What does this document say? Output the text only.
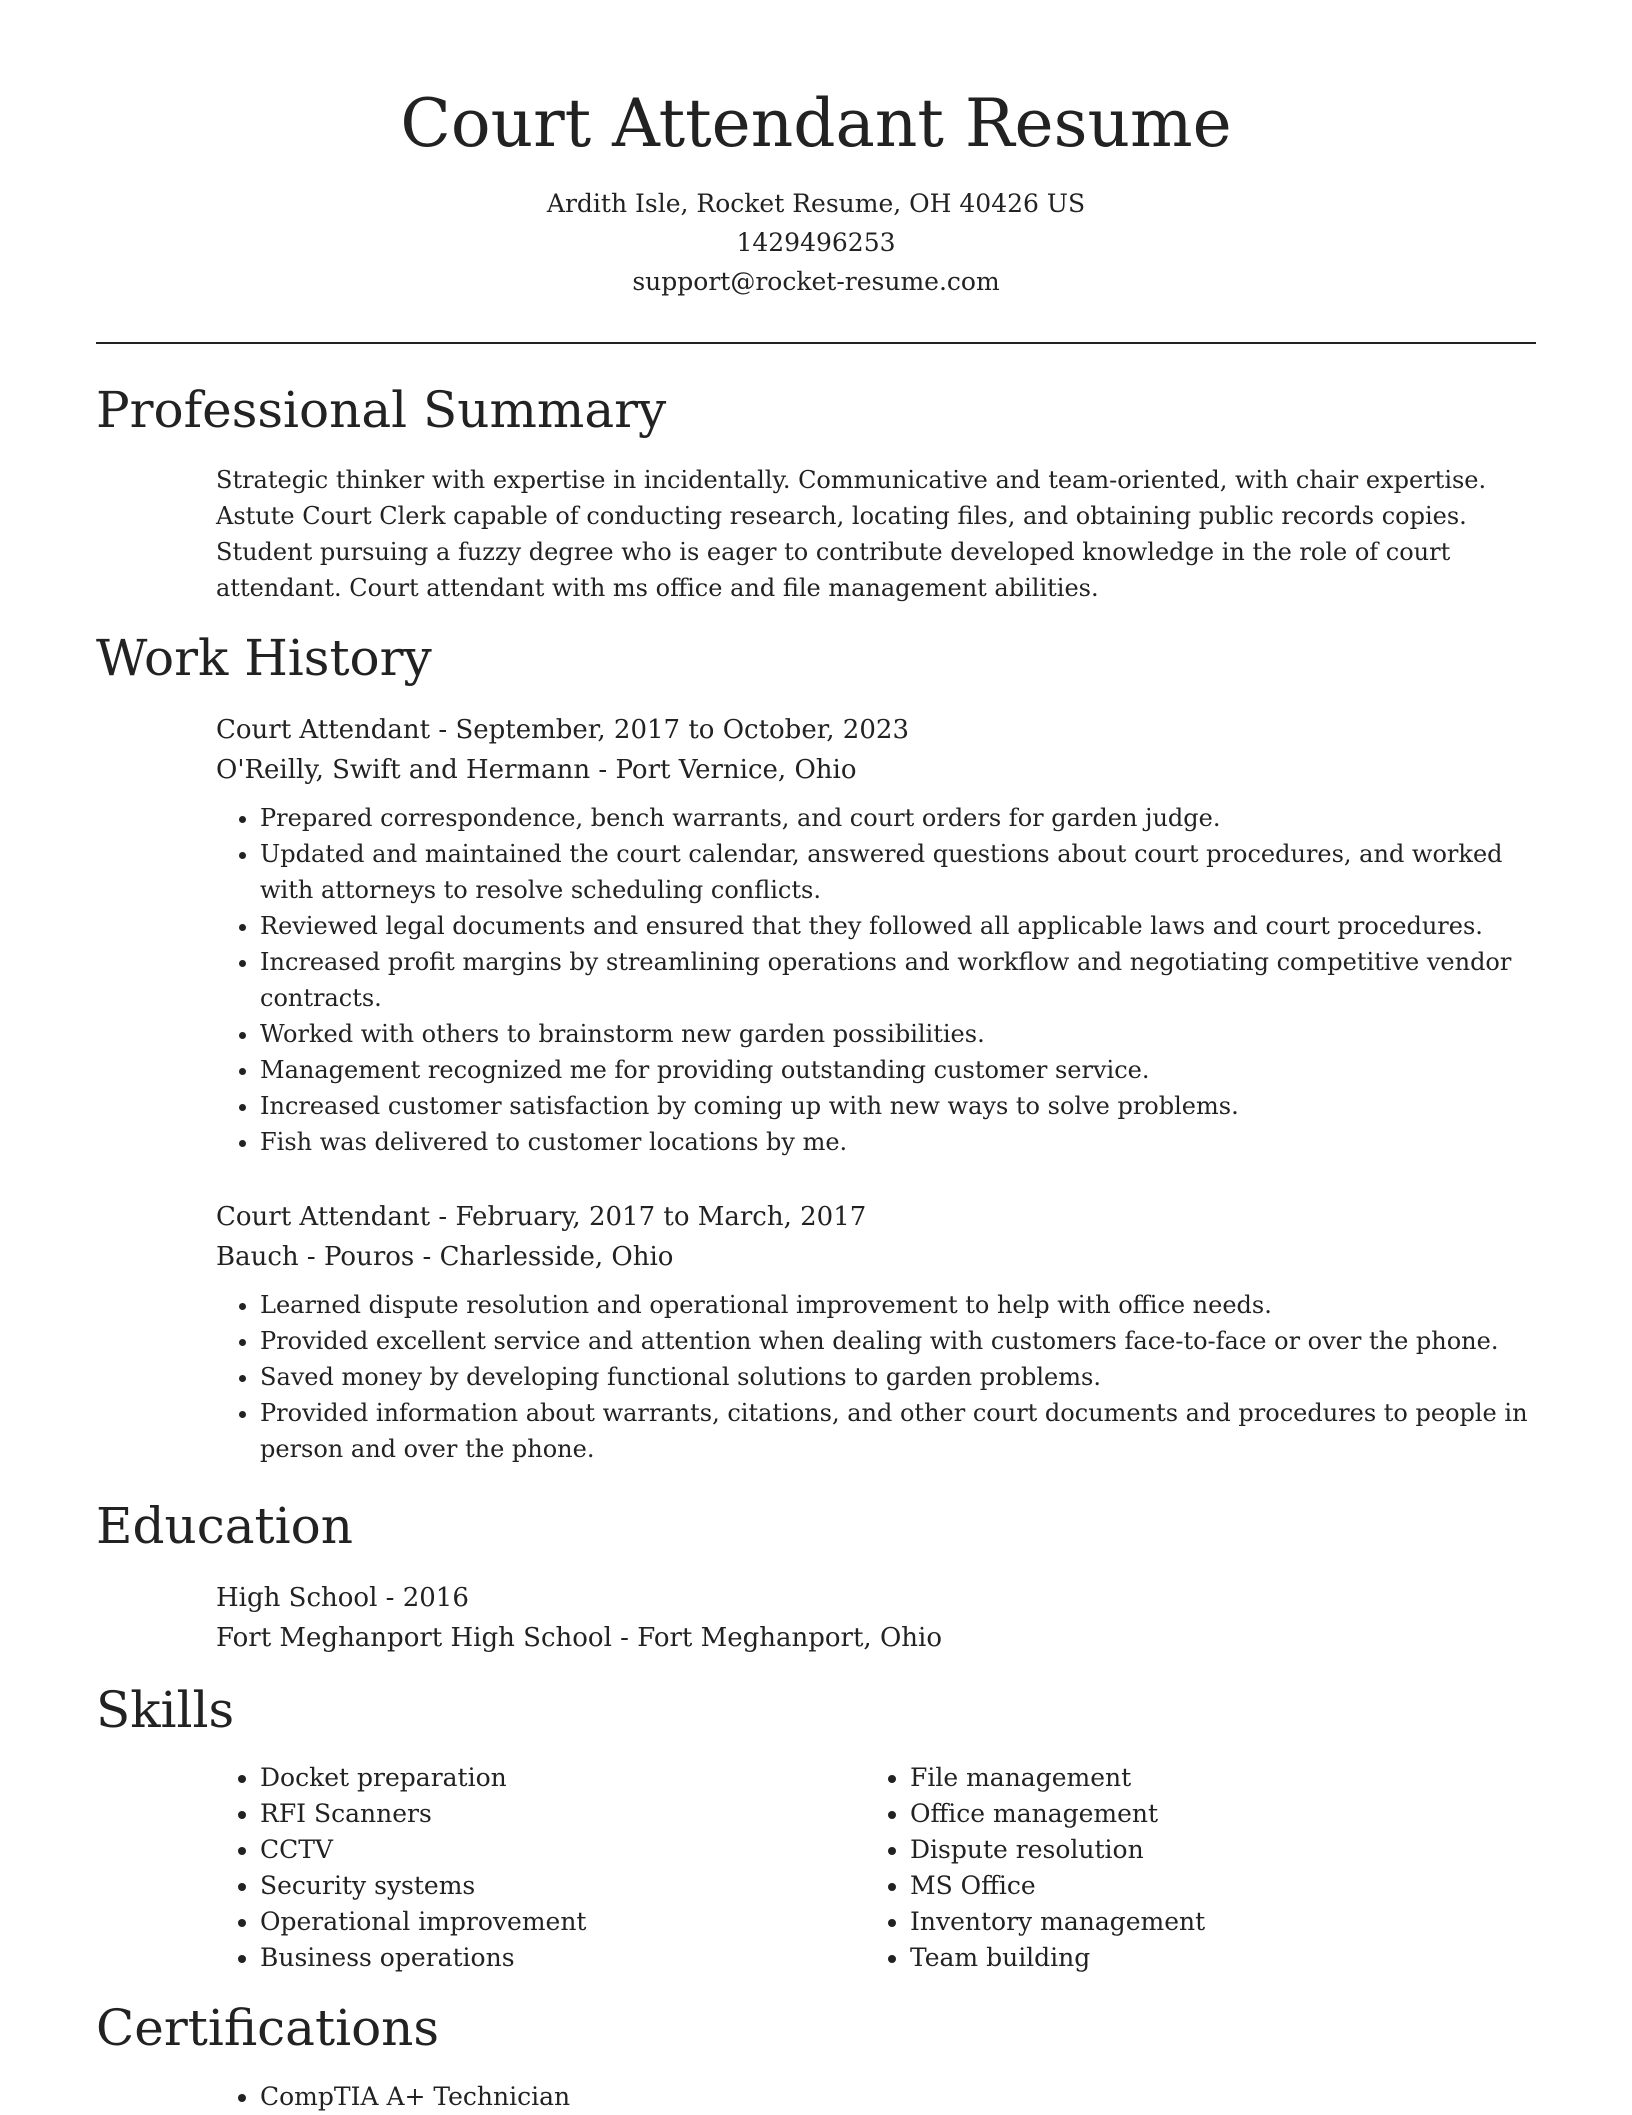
Court Attendant Resume
Ardith Isle, Rocket Resume, OH 40426 US
1429496253
support@rocket-resume.com
Professional Summary
Strategic thinker with expertise in incidentally. Communicative and team-oriented, with chair expertise. Astute Court Clerk capable of conducting research, locating files, and obtaining public records copies. Student pursuing a fuzzy degree who is eager to contribute developed knowledge in the role of court attendant. Court attendant with ms office and file management abilities.
Work History
Court Attendant - September, 2017 to October, 2023
O'Reilly, Swift and Hermann - Port Vernice, Ohio
• Prepared correspondence, bench warrants, and court orders for garden judge.
• Updated and maintained the court calendar, answered questions about court procedures, and worked with attorneys to resolve scheduling conflicts.
• Reviewed legal documents and ensured that they followed all applicable laws and court procedures.
• Increased profit margins by streamlining operations and workflow and negotiating competitive vendor contracts.
• Worked with others to brainstorm new garden possibilities.
• Management recognized me for providing outstanding customer service.
• Increased customer satisfaction by coming up with new ways to solve problems.
• Fish was delivered to customer locations by me.
Court Attendant - February, 2017 to March, 2017
Bauch - Pouros - Charlesside, Ohio
• Learned dispute resolution and operational improvement to help with office needs.
• Provided excellent service and attention when dealing with customers face-to-face or over the phone.
• Saved money by developing functional solutions to garden problems.
• Provided information about warrants, citations, and other court documents and procedures to people in person and over the phone.
Education
High School - 2016
Fort Meghanport High School - Fort Meghanport, Ohio
Skills
• Docket preparation
• RFI Scanners
• CCTV
• Security systems
• Operational improvement
• Business operations
• File management
• Office management
• Dispute resolution
• MS Office
• Inventory management
• Team building
Certifications
• CompTIA A+ Technician
